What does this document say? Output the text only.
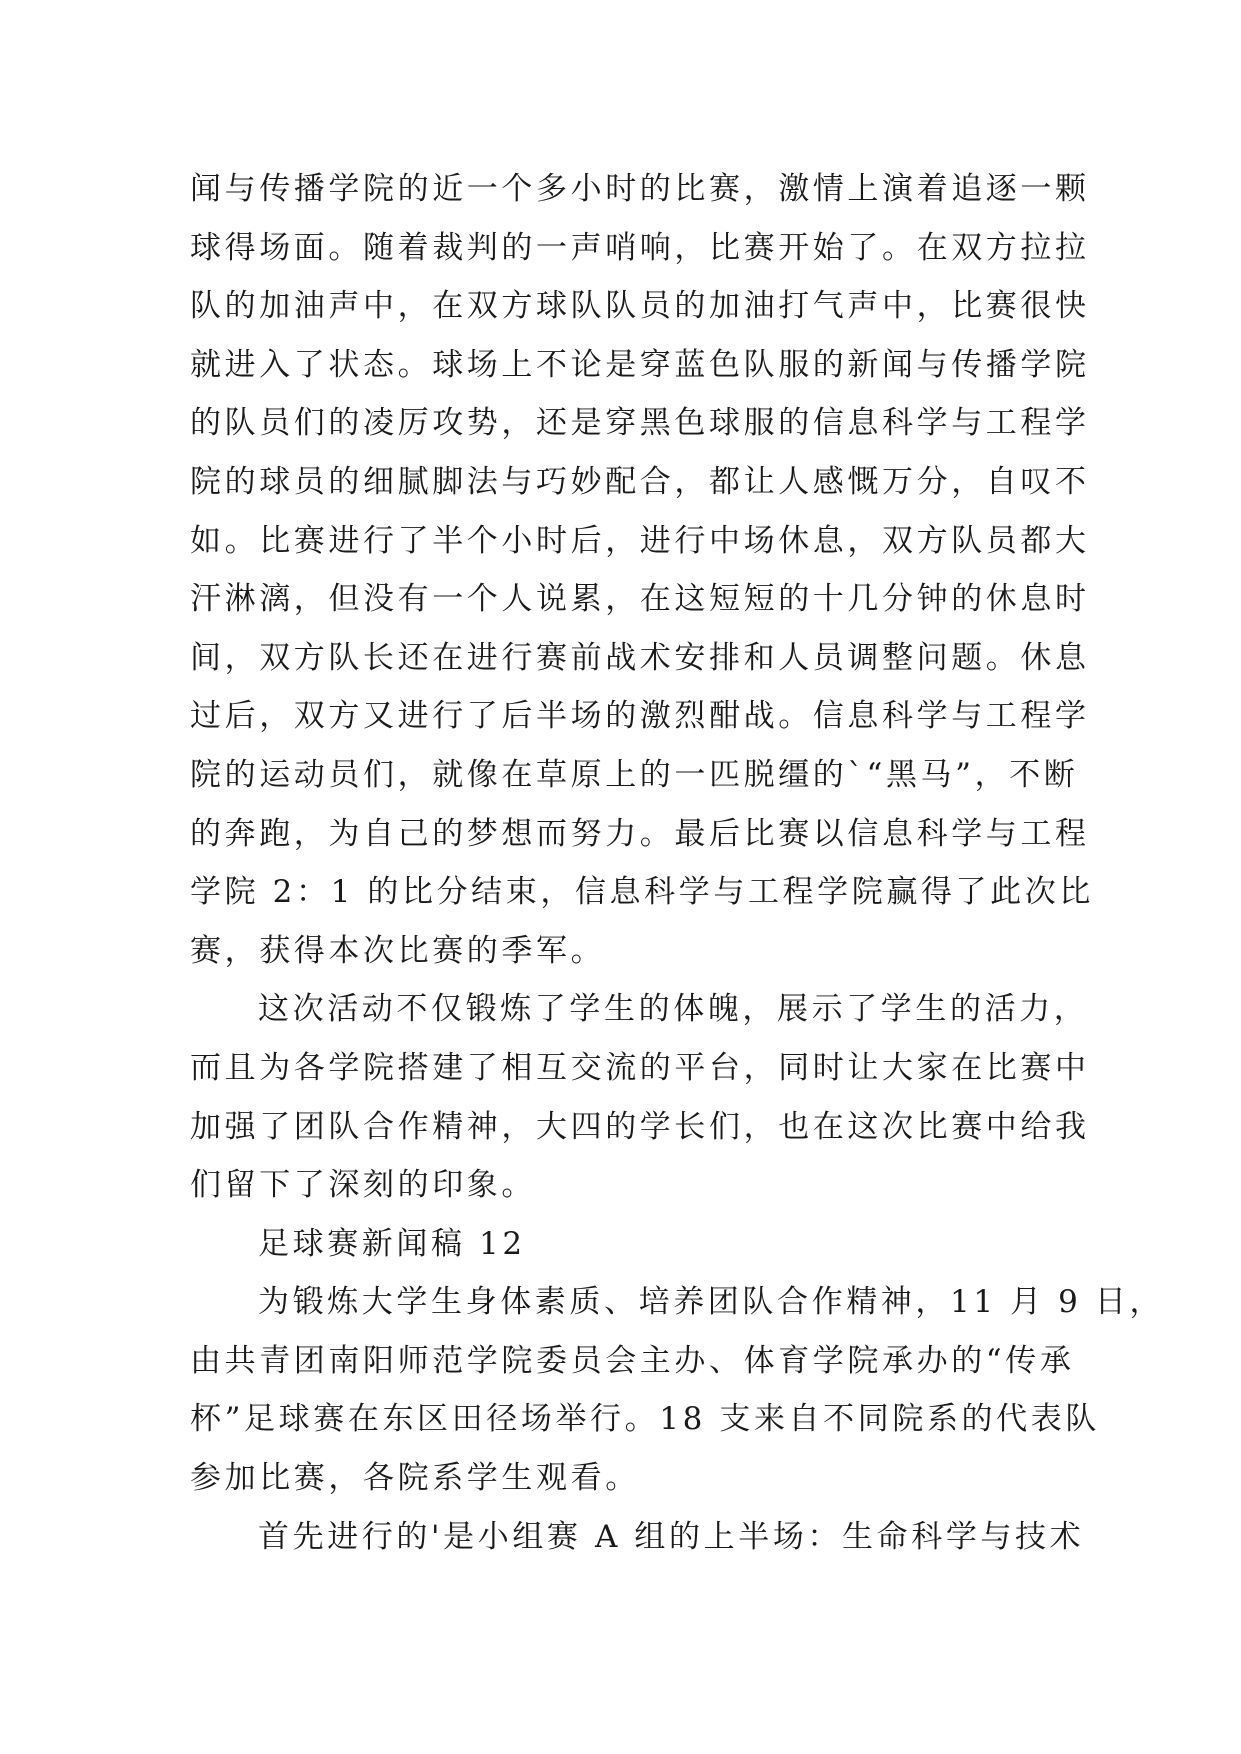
闻与传播学院的近一个多小时的比赛，激情上演着追逐一颗
球得场面。随着裁判的一声哨响，比赛开始了。在双方拉拉
队的加油声中，在双方球队队员的加油打气声中，比赛很快
就进入了状态。球场上不论是穿蓝色队服的新闻与传播学院
的队员们的凌厉攻势，还是穿黑色球服的信息科学与工程学
院的球员的细腻脚法与巧妙配合，都让人感慨万分，自叹不
如。比赛进行了半个小时后，进行中场休息，双方队员都大
汗淋漓，但没有一个人说累，在这短短的十几分钟的休息时
间，双方队长还在进行赛前战术安排和人员调整问题。休息
过后，双方又进行了后半场的激烈酣战。信息科学与工程学
院的运动员们，就像在草原上的一匹脱缰的`“黑马”，不断
的奔跑，为自己的梦想而努力。最后比赛以信息科学与工程
学院 2：1 的比分结束，信息科学与工程学院赢得了此次比
赛，获得本次比赛的季军。
这次活动不仅锻炼了学生的体魄，展示了学生的活力，
而且为各学院搭建了相互交流的平台，同时让大家在比赛中
加强了团队合作精神，大四的学长们，也在这次比赛中给我
们留下了深刻的印象。
足球赛新闻稿 12
为锻炼大学生身体素质、培养团队合作精神，11 月 9 日，
由共青团南阳师范学院委员会主办、体育学院承办的“传承
杯”足球赛在东区田径场举行。18 支来自不同院系的代表队
参加比赛，各院系学生观看。
首先进行的'是小组赛 A 组的上半场：生命科学与技术
